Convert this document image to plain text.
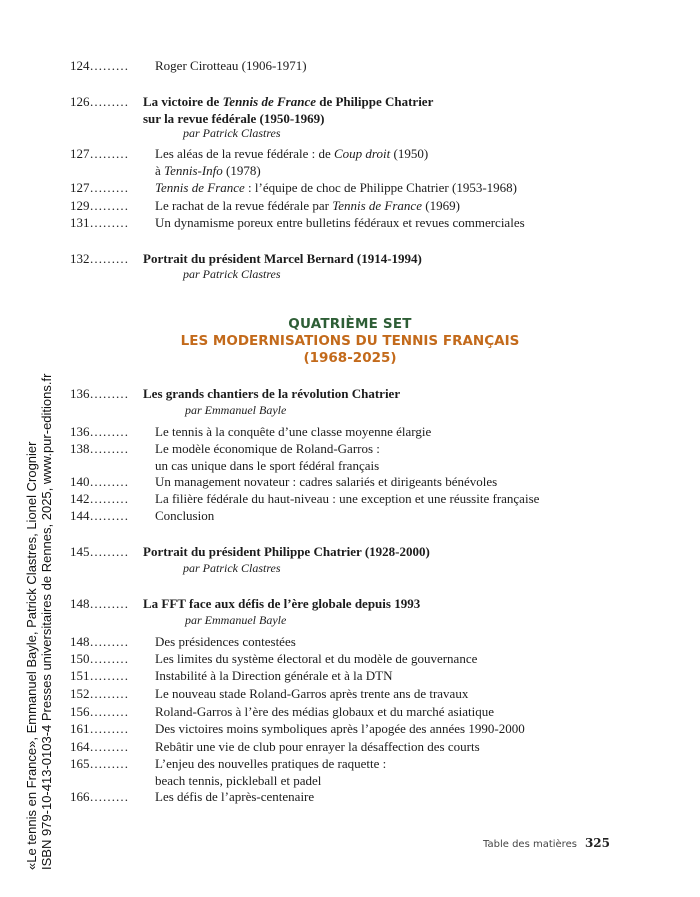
124………	Roger Cirotteau (1906-1971)
126………	La victoire de Tennis de France de Philippe Chatrier
sur la revue fédérale (1950-1969)
par Patrick Clastres
127………	Les aléas de la revue fédérale : de Coup droit (1950)
à Tennis-Info (1978)
127………	Tennis de France : l’équipe de choc de Philippe Chatrier (1953-1968)
129………	Le rachat de la revue fédérale par Tennis de France (1969)
131………	Un dynamisme poreux entre bulletins fédéraux et revues commerciales
132………	Portrait du président Marcel Bernard (1914-1994)
par Patrick Clastres
136………	Les grands chantiers de la révolution Chatrier
par Emmanuel Bayle
136………	Le tennis à la conquête d’une classe moyenne élargie
138………	Le modèle économique de Roland-Garros :
un cas unique dans le sport fédéral français
140………	Un management novateur : cadres salariés et dirigeants bénévoles
142………	La filière fédérale du haut-niveau : une exception et une réussite française
144………	Conclusion
145………	Portrait du président Philippe Chatrier (1928-2000)
par Patrick Clastres
148………	La FFT face aux défis de l’ère globale depuis 1993
par Emmanuel Bayle
148………	Des présidences contestées
150………	Les limites du système électoral et du modèle de gouvernance
151………	Instabilité à la Direction générale et à la DTN
152………	Le nouveau stade Roland-Garros après trente ans de travaux
156………	Roland-Garros à l’ère des médias globaux et du marché asiatique
161………	Des victoires moins symboliques après l’apogée des années 1990-2000
164………	Rebâtir une vie de club pour enrayer la désaffection des courts
165………	L’enjeu des nouvelles pratiques de raquette :
beach tennis, pickleball et padel
166………	Les défis de l’après-centenaire
QUATRIÈME SET
LES MODERNISATIONS DU TENNIS FRANÇAIS
(1968-2025)
Table des matières 325
«Le tennis en France», Emmanuel Bayle, Patrick Clastres, Lionel Crognier ISBN 979-10-413-0103-4 Presses universitaires de Rennes, 2025, www.pur-editions.fr
